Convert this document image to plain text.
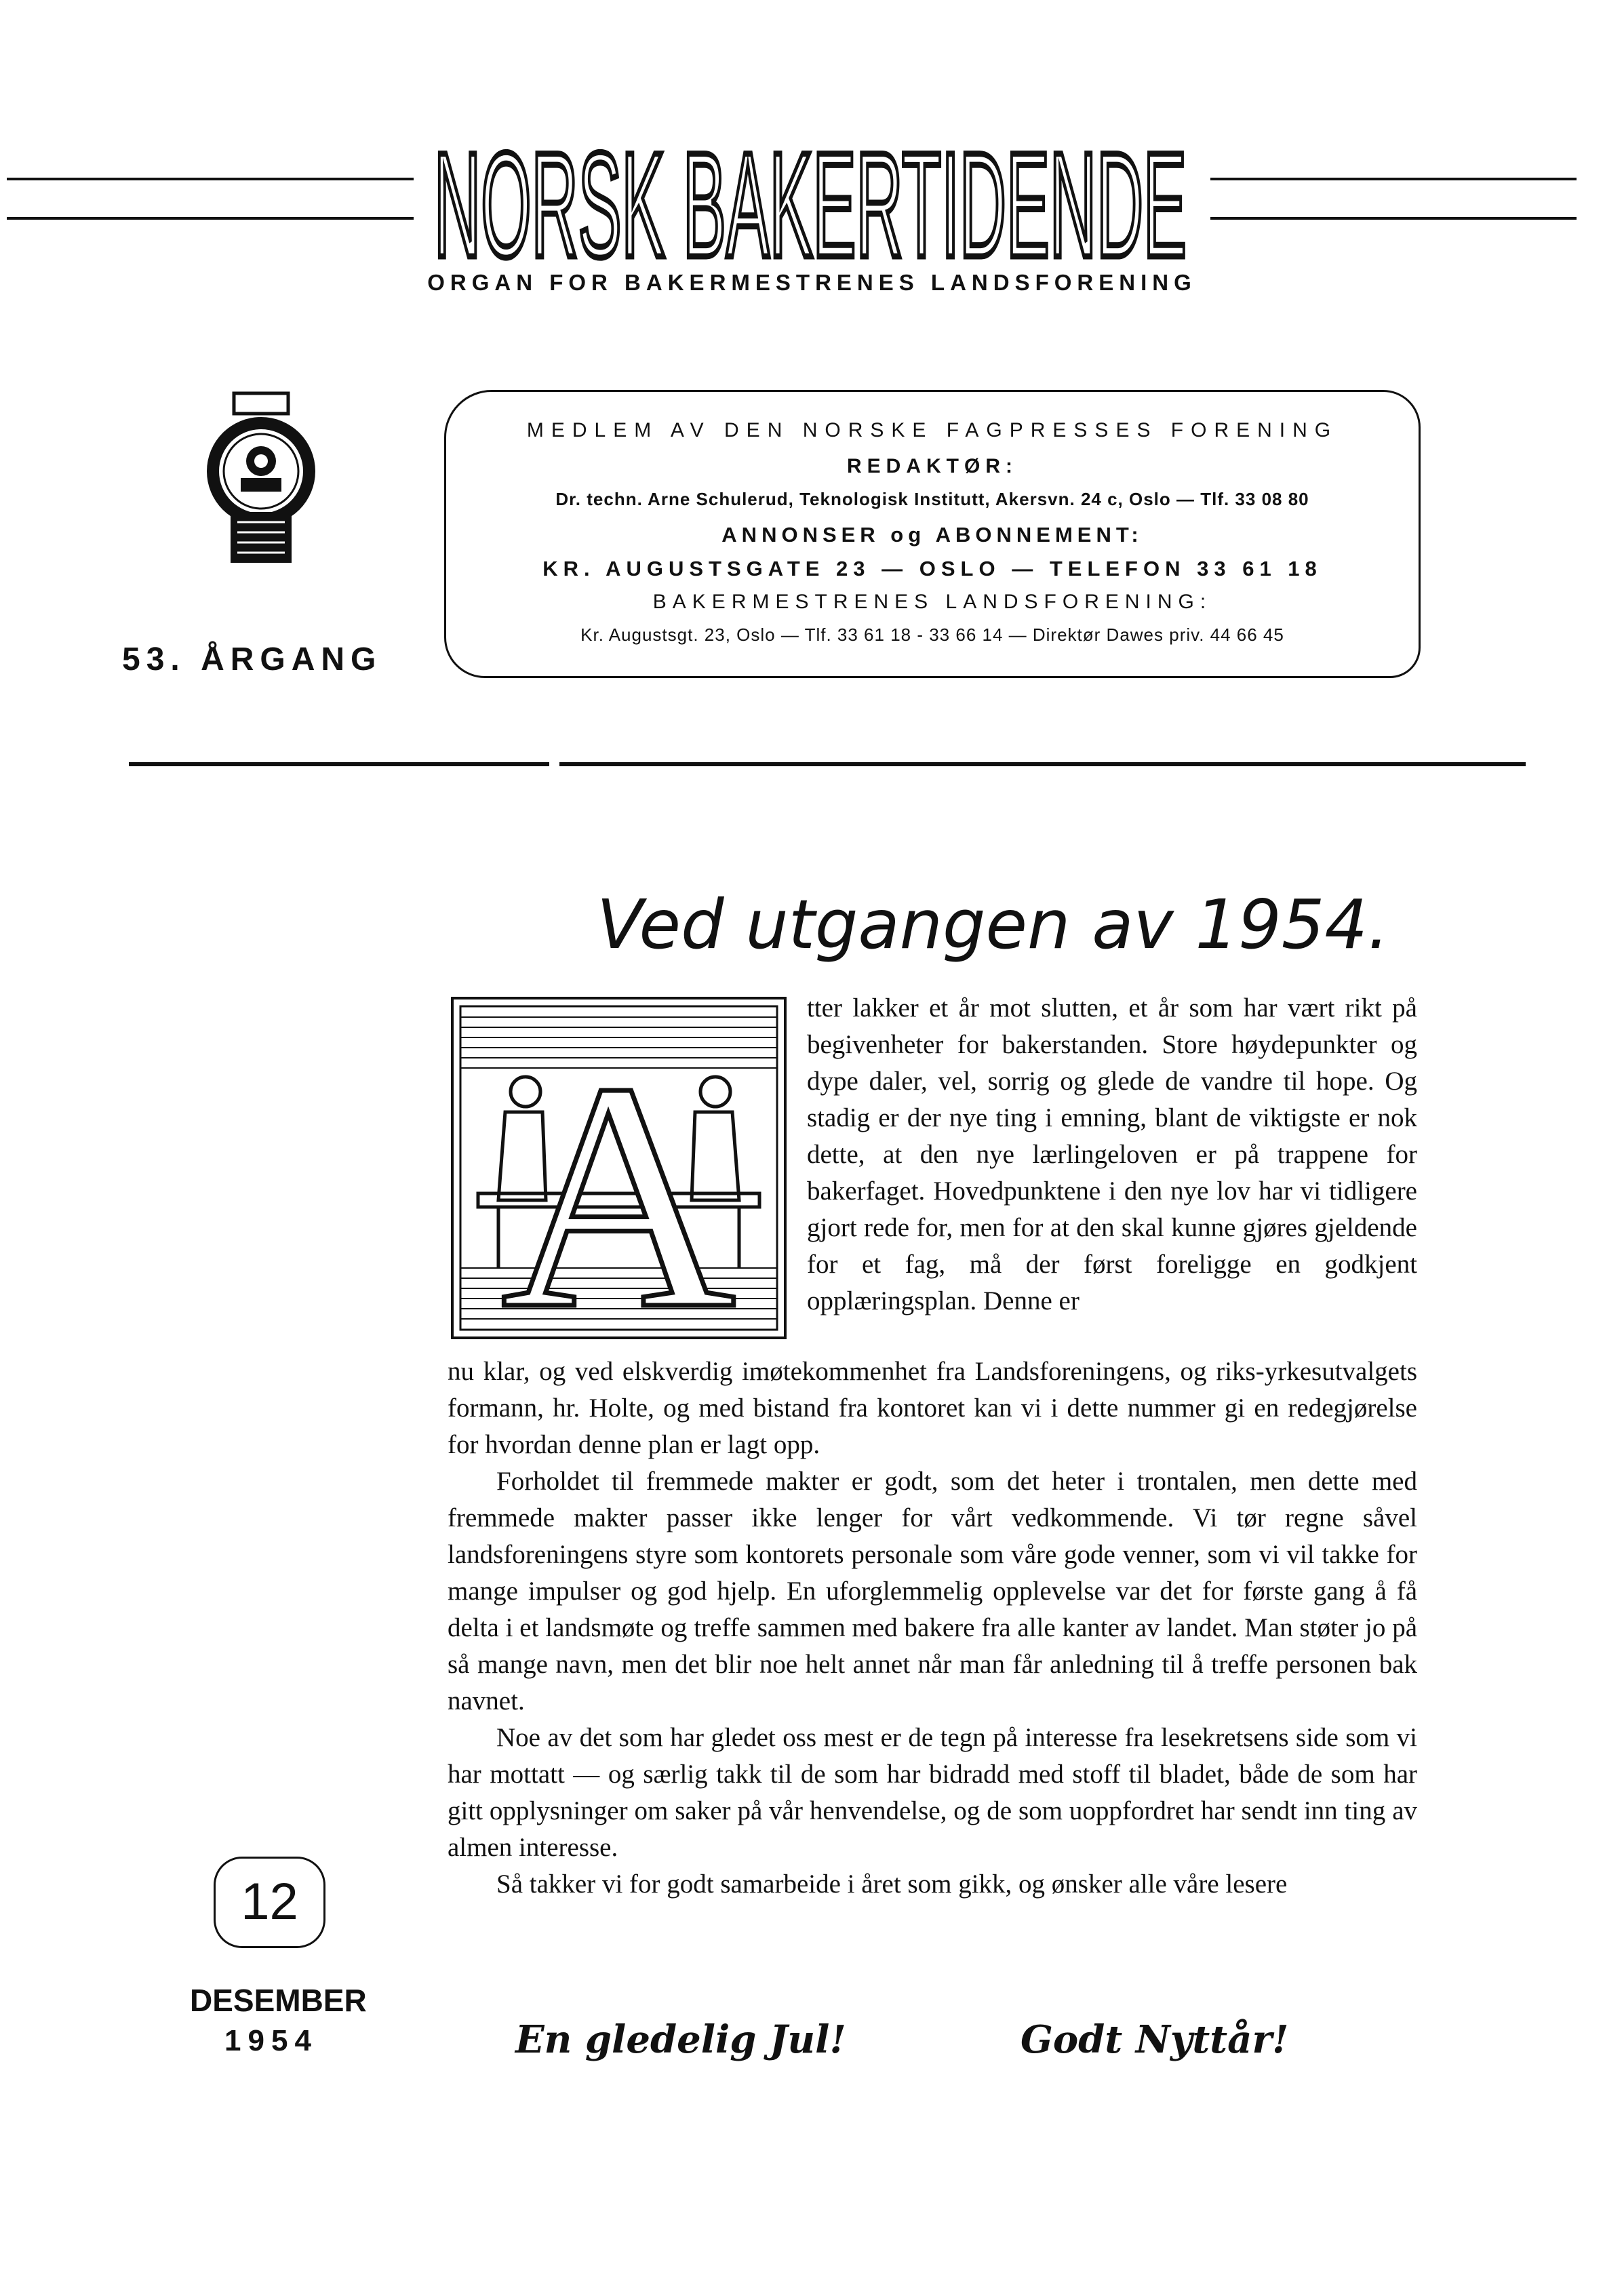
NORSK BAKERTIDENDE
ORGAN FOR BAKERMESTRENES LANDSFORENING
MEDLEM AV DEN NORSKE FAGPRESSES FORENING
REDAKTØR:
Dr. techn. Arne Schulerud, Teknologisk Institutt, Akersvn. 24 c, Oslo — Tlf. 33 08 80
ANNONSER og ABONNEMENT:
KR. AUGUSTSGATE 23 — OSLO — TELEFON 33 61 18
BAKERMESTRENES LANDSFORENING:
Kr. Augustsgt. 23, Oslo — Tlf. 33 61 18 - 33 66 14 — Direktør Dawes priv. 44 66 45
53. ÅRGANG
Ved utgangen av 1954.
A

tter lakker et år mot slutten, et år som har vært rikt på begivenheter for bakerstanden. Store høydepunkter og dype daler, vel, sorrig og glede de vandre til hope. Og stadig er der nye ting i emning, blant de viktigste er nok dette, at den nye lærlingeloven er på trappene for bakerfaget. Hovedpunktene i den nye lov har vi tidligere gjort rede for, men for at den skal kunne gjøres gjeldende for et fag, må der først foreligge en godkjent opplæringsplan. Denne er

nu klar, og ved elskverdig imøtekommenhet fra Landsforeningens, og riks-yrkesutvalgets formann, hr. Holte, og med bistand fra kontoret kan vi i dette nummer gi en redegjørelse for hvordan denne plan er lagt opp.

Forholdet til fremmede makter er godt, som det heter i trontalen, men dette med fremmede makter passer ikke lenger for vårt vedkommende. Vi tør regne såvel landsforeningens styre som kontorets personale som våre gode venner, som vi vil takke for mange impulser og god hjelp. En uforglemmelig opplevelse var det for første gang å få delta i et landsmøte og treffe sammen med bakere fra alle kanter av landet. Man støter jo på så mange navn, men det blir noe helt annet når man får anledning til å treffe personen bak navnet.

Noe av det som har gledet oss mest er de tegn på interesse fra lesekretsens side som vi har mottatt — og særlig takk til de som har bidradd med stoff til bladet, både de som har gitt opplysninger om saker på vår henvendelse, og de som uoppfordret har sendt inn ting av almen interesse.

Så takker vi for godt samarbeide i året som gikk, og ønsker alle våre lesere

12
DESEMBER
1954	En gledelig Jul!	Godt Nyttår!
